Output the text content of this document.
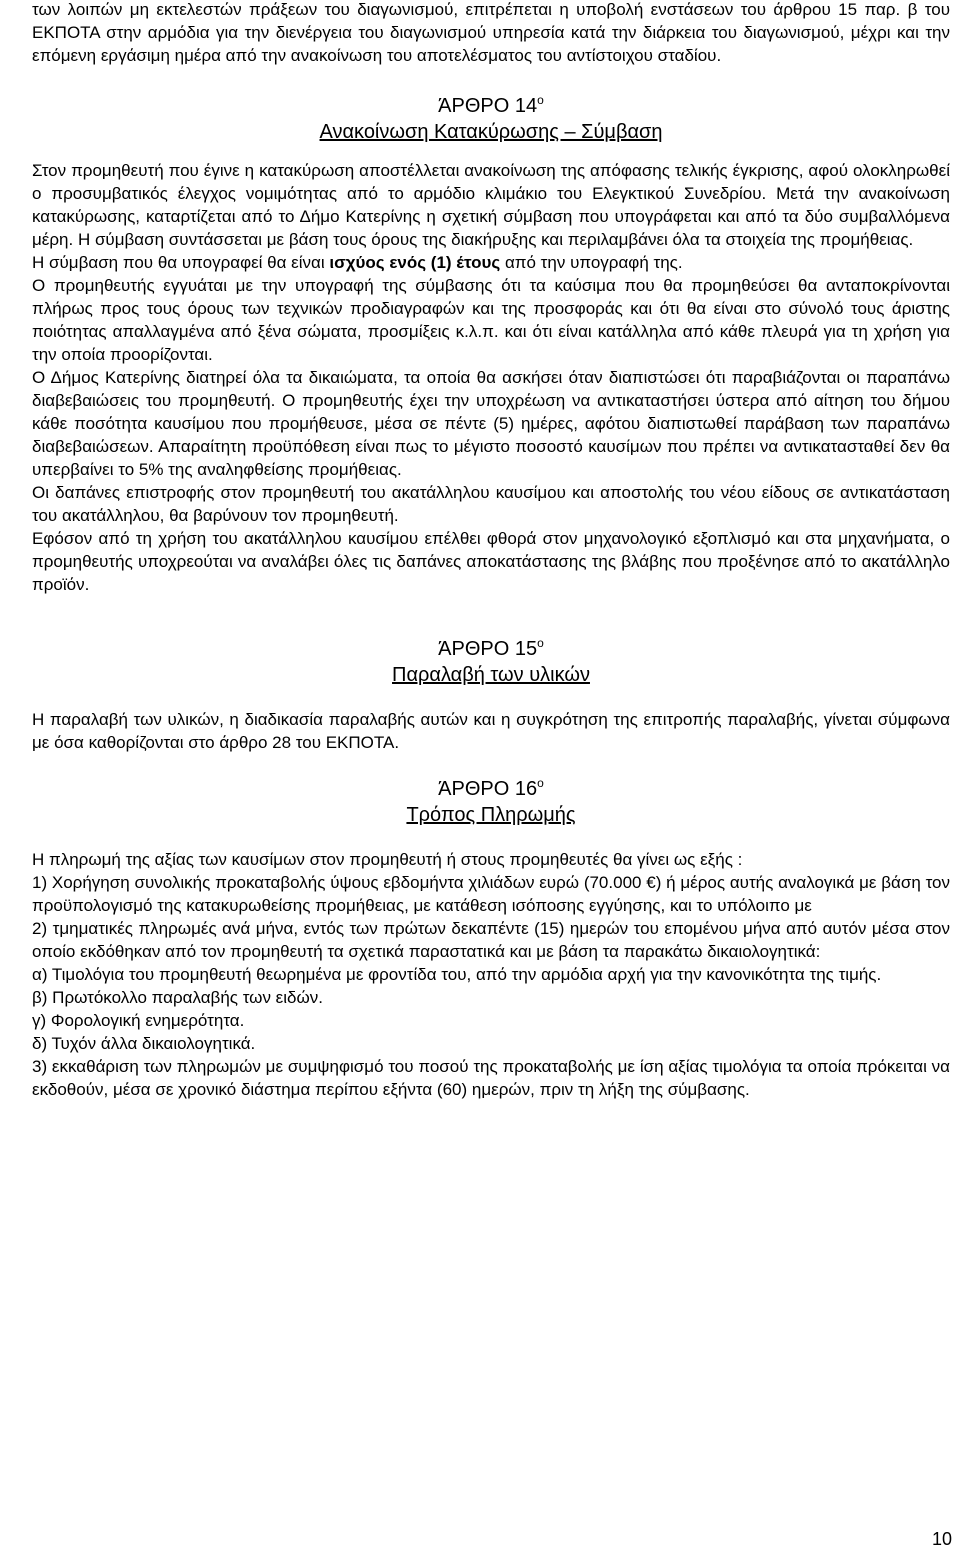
των λοιπών μη εκτελεστών πράξεων του διαγωνισμού, επιτρέπεται η υποβολή ενστάσεων του άρθρου 15 παρ. β του ΕΚΠΟΤΑ στην αρμόδια για την διενέργεια του διαγωνισμού υπηρεσία κατά την διάρκεια του διαγωνισμού, μέχρι και την επόμενη εργάσιμη ημέρα από την ανακοίνωση του αποτελέσματος του αντίστοιχου σταδίου.

ΆΡΘΡΟ $14^o$

Ανακοίνωση Κατακύρωσης – Σύμβαση

Στον προμηθευτή που έγινε η κατακύρωση αποστέλλεται ανακοίνωση της απόφασης τελικής έγκρισης, αφού ολοκληρωθεί ο προσυμβατικός έλεγχος νομιμότητας από το αρμόδιο κλιμάκιο του Ελεγκτικού Συνεδρίου. Μετά την ανακοίνωση κατακύρωσης, καταρτίζεται από το Δήμο Κατερίνης η σχετική σύμβαση που υπογράφεται και από τα δύο συμβαλλόμενα μέρη. Η σύμβαση συντάσσεται με βάση τους όρους της διακήρυξης και περιλαμβάνει όλα τα στοιχεία της προμήθειας.

Η σύμβαση που θα υπογραφεί θα είναι ισχύος ενός (1) έτους από την υπογραφή της.

Ο προμηθευτής εγγυάται με την υπογραφή της σύμβασης ότι τα καύσιμα που θα προμηθεύσει θα ανταποκρίνονται πλήρως προς τους όρους των τεχνικών προδιαγραφών και της προσφοράς και ότι θα είναι στο σύνολό τους άριστης ποιότητας απαλλαγμένα από ξένα σώματα, προσμίξεις κ.λ.π. και ότι είναι κατάλληλα από κάθε πλευρά για τη χρήση για την οποία προορίζονται.

Ο Δήμος Κατερίνης διατηρεί όλα τα δικαιώματα, τα οποία θα ασκήσει όταν διαπιστώσει ότι παραβιάζονται οι παραπάνω διαβεβαιώσεις του προμηθευτή. Ο προμηθευτής έχει την υποχρέωση να αντικαταστήσει ύστερα από αίτηση του δήμου κάθε ποσότητα καυσίμου που προμήθευσε, μέσα σε πέντε (5) ημέρες, αφότου διαπιστωθεί παράβαση των παραπάνω διαβεβαιώσεων. Απαραίτητη προϋπόθεση είναι πως το μέγιστο ποσοστό καυσίμων που πρέπει να αντικατασταθεί δεν θα υπερβαίνει το 5% της αναληφθείσης προμήθειας.

Οι δαπάνες επιστροφής στον προμηθευτή του ακατάλληλου καυσίμου και αποστολής του νέου είδους σε αντικατάσταση του ακατάλληλου, θα βαρύνουν τον προμηθευτή.

Εφόσον από τη χρήση του ακατάλληλου καυσίμου επέλθει φθορά στον μηχανολογικό εξοπλισμό και στα μηχανήματα, ο προμηθευτής υποχρεούται να αναλάβει όλες τις δαπάνες αποκατάστασης της βλάβης που προξένησε από το ακατάλληλο προϊόν.

ΆΡΘΡΟ $15^o$

Παραλαβή των υλικών

Η παραλαβή των υλικών, η διαδικασία παραλαβής αυτών και η συγκρότηση της επιτροπής παραλαβής, γίνεται σύμφωνα με όσα καθορίζονται στο άρθρο 28 του ΕΚΠΟΤΑ.

ΆΡΘΡΟ $16^o$

Τρόπος Πληρωμής

Η πληρωμή της αξίας των καυσίμων στον προμηθευτή ή στους προμηθευτές θα γίνει ως εξής :

1) Χορήγηση συνολικής προκαταβολής ύψους εβδομήντα χιλιάδων ευρώ (70.000 €) ή μέρος αυτής αναλογικά με βάση τον προϋπολογισμό της κατακυρωθείσης προμήθειας, με κατάθεση ισόποσης εγγύησης, και το υπόλοιπο με

2) τμηματικές πληρωμές ανά μήνα, εντός των πρώτων δεκαπέντε (15) ημερών του επομένου μήνα από αυτόν μέσα στον οποίο εκδόθηκαν από τον προμηθευτή τα σχετικά παραστατικά και με βάση τα παρακάτω δικαιολογητικά:

α) Τιμολόγια του προμηθευτή θεωρημένα με φροντίδα του, από την αρμόδια αρχή για την κανονικότητα της τιμής.

β) Πρωτόκολλο παραλαβής των ειδών.

γ) Φορολογική ενημερότητα.

δ) Τυχόν άλλα δικαιολογητικά.

3) εκκαθάριση των πληρωμών με συμψηφισμό του ποσού της προκαταβολής με ίση αξίας τιμολόγια τα οποία πρόκειται να εκδοθούν, μέσα σε χρονικό διάστημα περίπου εξήντα (60) ημερών, πριν τη λήξη της σύμβασης.

10
